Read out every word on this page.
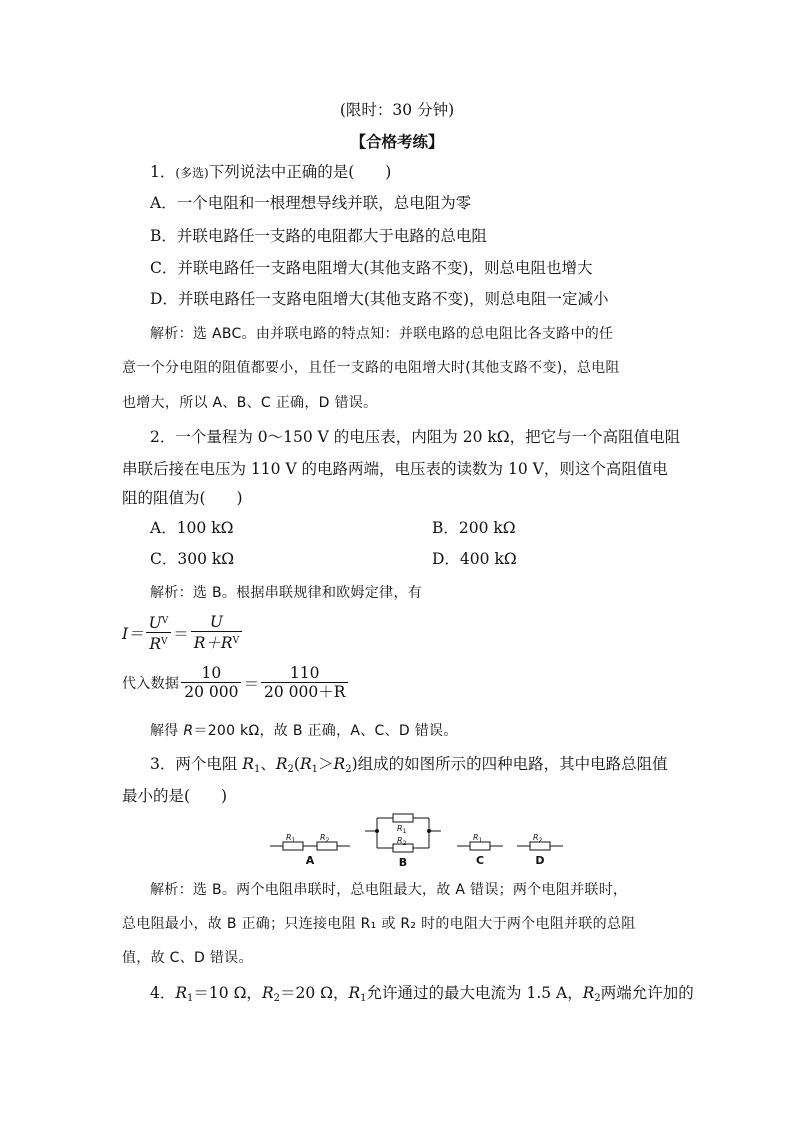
(限时：30 分钟)
【合格考练】
1．(多选)下列说法中正确的是(　　)
A．一个电阻和一根理想导线并联，总电阻为零
B．并联电路任一支路的电阻都大于电路的总电阻
C．并联电路任一支路电阻增大(其他支路不变)，则总电阻也增大
D．并联电路任一支路电阻增大(其他支路不变)，则总电阻一定减小
解析：选 ABC。由并联电路的特点知：并联电路的总电阻比各支路中的任
意一个分电阻的阻值都要小，且任一支路的电阻增大时(其他支路不变)，总电阻
也增大，所以 A、B、C 正确，D 错误。
2．一个量程为 0～150 V 的电压表，内阻为 20 kΩ，把它与一个高阻值电阻
串联后接在电压为 110 V 的电路两端，电压表的读数为 10 V，则这个高阻值电
阻的阻值为(　　)
A．100 kΩ	B．200 kΩ
C．300 kΩ	D．400 kΩ
解析：选 B。根据串联规律和欧姆定律，有
$I= \frac{U^V}{R^V} = \frac{U}{R+R^V}$
代入数据 $\frac{10}{20 000} = \frac{110}{20 000+R}$
解得 R＝200 kΩ，故 B 正确，A、C、D 错误。
3．两个电阻 $R_1$、$R_2(R_1>R_2)$组成的如图所示的四种电路，其中电路总阻值
最小的是(　　)
$R_1$	$R_2$
$R_1$
$R_2$
$R_1$	$R_2$
A	B	C	D
解析：选 B。两个电阻串联时，总电阻最大，故 A 错误；两个电阻并联时，
总电阻最小，故 B 正确；只连接电阻 R₁ 或 R₂ 时的电阻大于两个电阻并联的总阻
值，故 C、D 错误。
4．$R_1=10$ Ω，$R_2=20$ Ω，$R_1$允许通过的最大电流为 1.5 A，$R_2$两端允许加的
